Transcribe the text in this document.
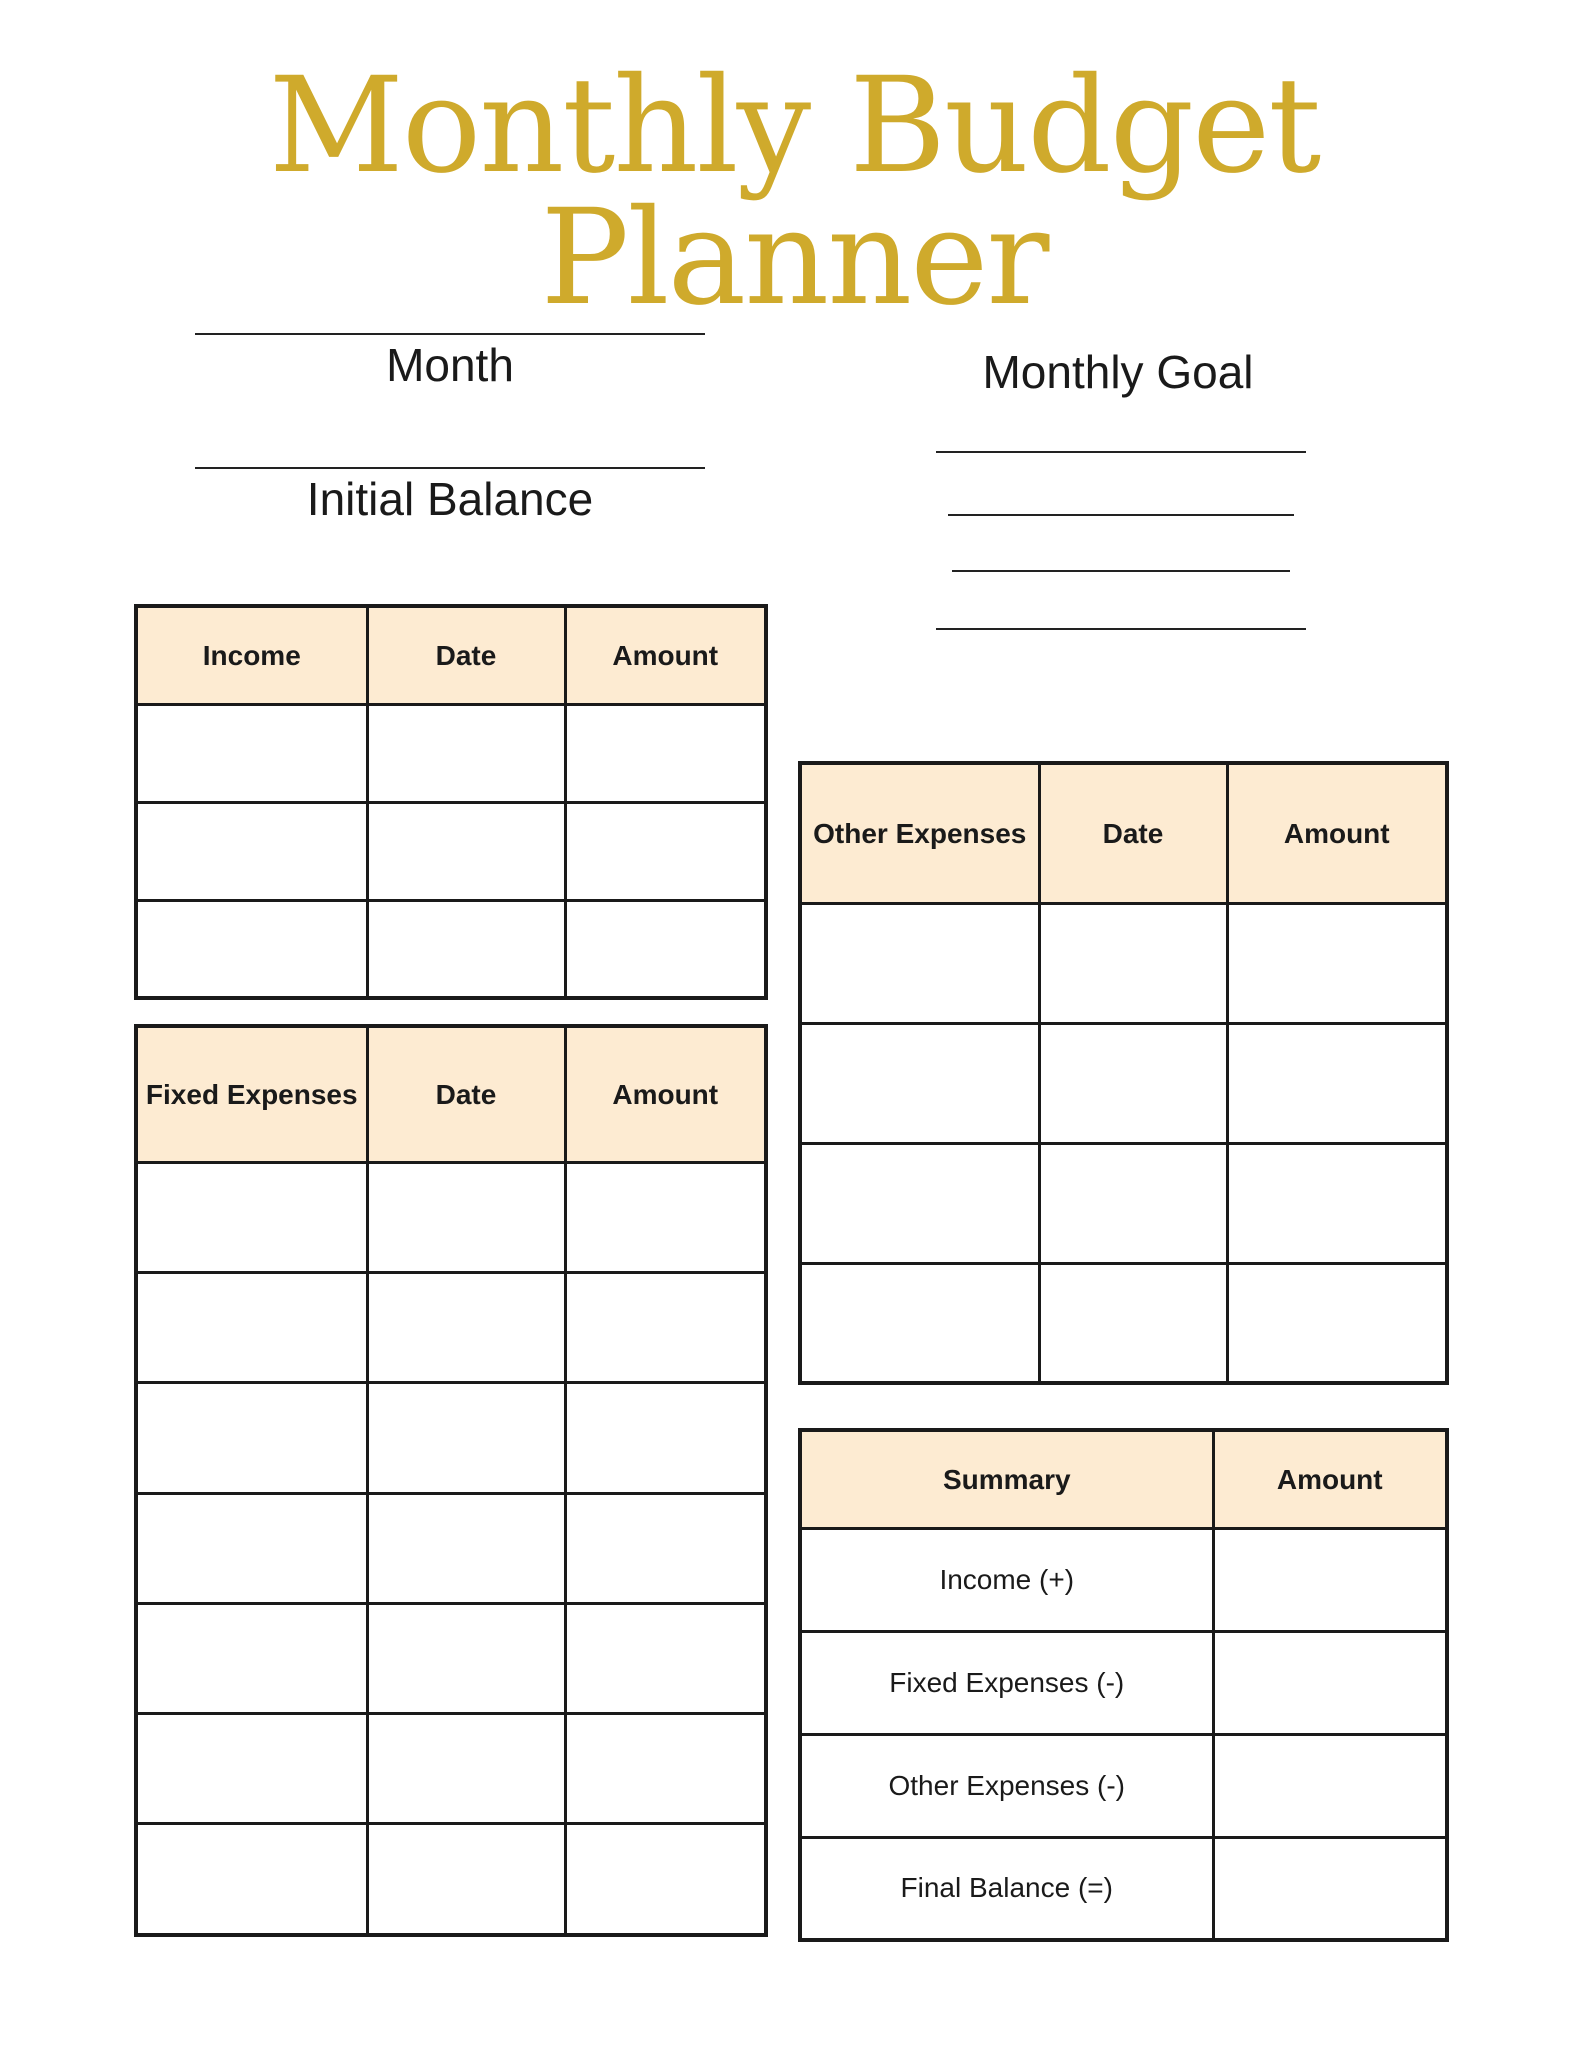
Monthly Budget Planner
Month
Initial Balance
Monthly Goal
Income	Date	Amount

Fixed Expenses	Date	Amount

Other Expenses	Date	Amount

Summary	Amount
Income (+)	
Fixed Expenses (-)	
Other Expenses (-)	
Final Balance (=)	
